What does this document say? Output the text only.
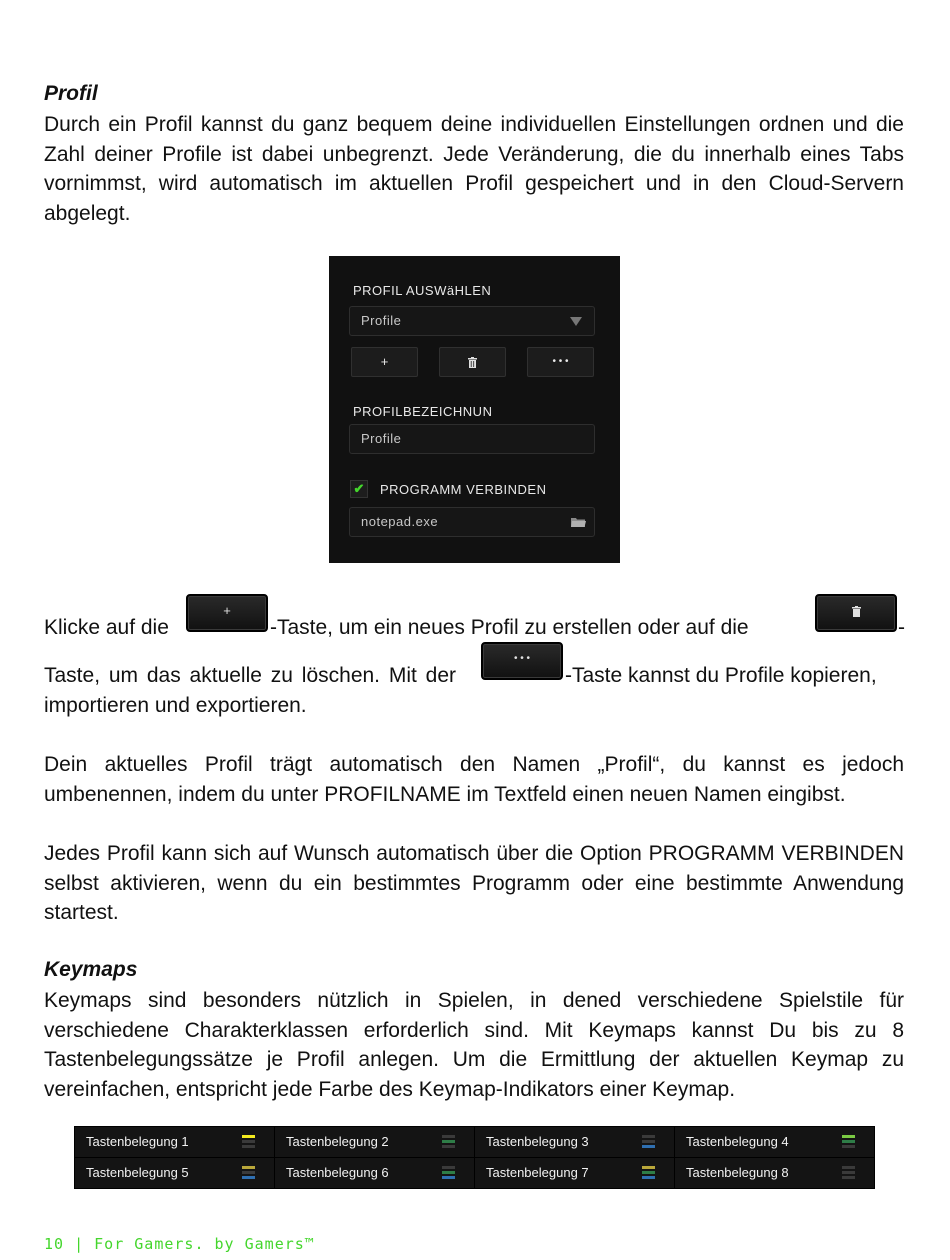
Profil

Durch ein Profil kannst du ganz bequem deine individuellen Einstellungen ordnen und die Zahl deiner Profile ist dabei unbegrenzt. Jede Veränderung, die du innerhalb eines Tabs vornimmst, wird automatisch im aktuellen Profil gespeichert und in den Cloud-Servern abgelegt.

PROFIL AUSWäHLEN
Profile
+	• • •
PROFILBEZEICHNUN
Profile
✔ PROGRAMM VERBINDEN
notepad.exe
Klicke auf die
+
-Taste, um ein neues Profil zu erstellen oder auf die	-
Taste, um das aktuelle zu löschen. Mit der
• • •
-Taste kannst du Profile kopieren,
importieren und exportieren.

Dein aktuelles Profil trägt automatisch den Namen „Profil“, du kannst es jedoch umbenennen, indem du unter PROFILNAME im Textfeld einen neuen Namen eingibst.

Jedes Profil kann sich auf Wunsch automatisch über die Option PROGRAMM VERBINDEN selbst aktivieren, wenn du ein bestimmtes Programm oder eine bestimmte Anwendung startest.

Keymaps

Keymaps sind besonders nützlich in Spielen, in dened verschiedene Spielstile für verschiedene Charakterklassen erforderlich sind. Mit Keymaps kannst Du bis zu 8 Tastenbelegungssätze je Profil anlegen. Um die Ermittlung der aktuellen Keymap zu vereinfachen, entspricht jede Farbe des Keymap-Indikators einer Keymap.

Tastenbelegung 1	Tastenbelegung 2	Tastenbelegung 3	Tastenbelegung 4
Tastenbelegung 5	Tastenbelegung 6	Tastenbelegung 7	Tastenbelegung 8
10 | For Gamers. by Gamers™
